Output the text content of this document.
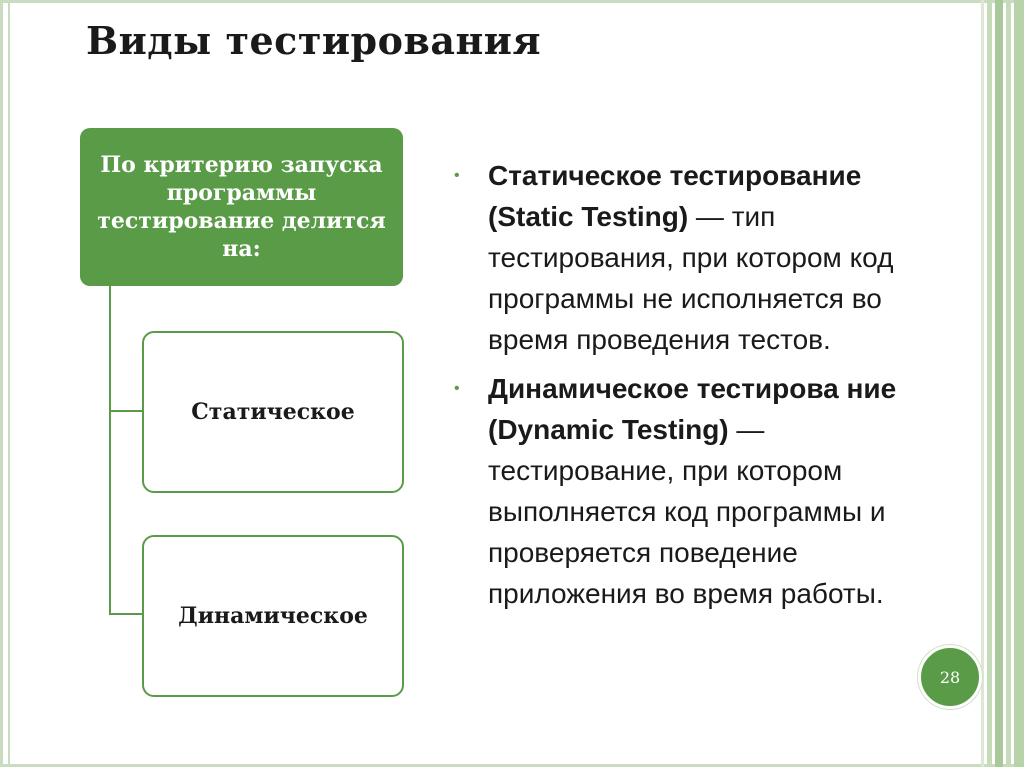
Виды тестирования
По критерию запуска программы тестирование делится на:
Статическое
Динамическое
• Статическое тестирование (Static Testing) — тип тестирования, при котором код программы не исполняется во время проведения тестов.
• Динамическое тестирова ние (Dynamic Testing) — тестирование, при котором выполняется код программы и проверяется поведение приложения во время работы.
28
